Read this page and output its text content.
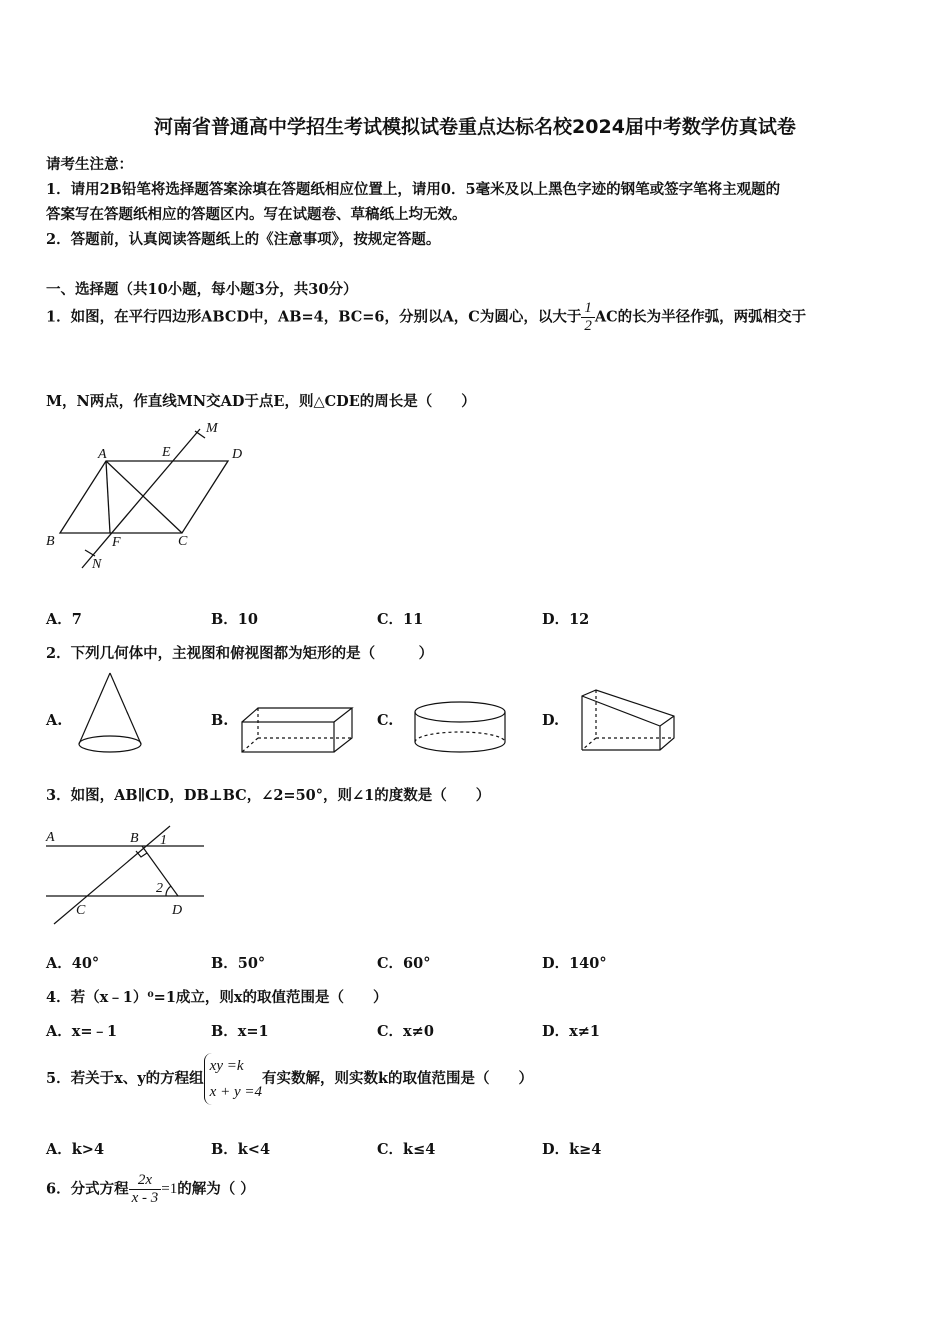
河南省普通高中学招生考试模拟试卷重点达标名校2024届中考数学仿真试卷
请考生注意：
1．请用2B铅笔将选择题答案涂填在答题纸相应位置上，请用0．5毫米及以上黑色字迹的钢笔或签字笔将主观题的
答案写在答题纸相应的答题区内。写在试题卷、草稿纸上均无效。
2．答题前，认真阅读答题纸上的《注意事项》，按规定答题。
一、选择题（共10小题，每小题3分，共30分）
1．如图，在平行四边形ABCD中，AB=4，BC=6，分别以A，C为圆心，以大于 $\frac{1}{2}$ AC的长为半径作弧，两弧相交于
M，N两点，作直线MN交AD于点E，则△CDE的周长是（　　）
A	E
M
D
B	F	C
N
A．7	B．10	C．11	D．12
2．下列几何体中，主视图和俯视图都为矩形的是（　　　）
A.	B.	C.	D.
3．如图，AB∥CD，DB⊥BC，∠2=50°，则∠1的度数是（　　）
A	B 1
2
C	D
A．40°	B．50°	C．60°	D．140°
4．若（x﹣1）⁰=1成立，则x的取值范围是（　　）
A．x=﹣1	B．x=1	C．x≠0	D．x≠1
5．若关于x、y的方程组
xy =k
x + y =4
有实数解，则实数k的取值范围是（　　）
A．k>4	B．k<4	C．k≤4	D．k≥4
6．分式方程 $\frac{2x}{x - 3} =1$的解为（ ）
